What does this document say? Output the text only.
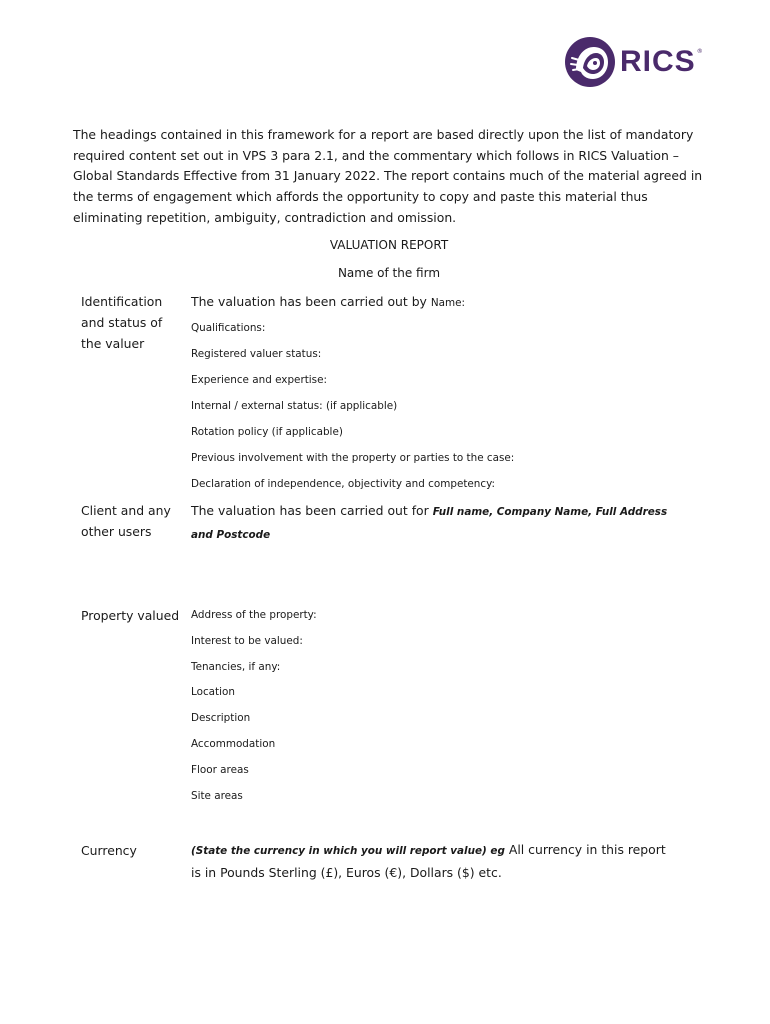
RICS ®

The headings contained in this framework for a report are based directly upon the list of mandatory required content set out in VPS 3 para 2.1, and the commentary which follows in RICS Valuation – Global Standards Effective from 31 January 2022. The report contains much of the material agreed in the terms of engagement which affords the opportunity to copy and paste this material thus eliminating repetition, ambiguity, contradiction and omission.

VALUATION REPORT
Name of the firm
Identification and status of the valuer
The valuation has been carried out by Name:
Qualifications:
Registered valuer status:
Experience and expertise:
Internal / external status: (if applicable)
Rotation policy (if applicable)
Previous involvement with the property or parties to the case:
Declaration of independence, objectivity and competency:
Client and any other users
The valuation has been carried out for Full name, Company Name, Full Address and Postcode
Property valued Address of the property:
Interest to be valued:
Tenancies, if any:
Location
Description
Accommodation
Floor areas
Site areas
Currency	(State the currency in which you will report value) eg All currency in this report is in Pounds Sterling (£), Euros (€), Dollars ($) etc.
